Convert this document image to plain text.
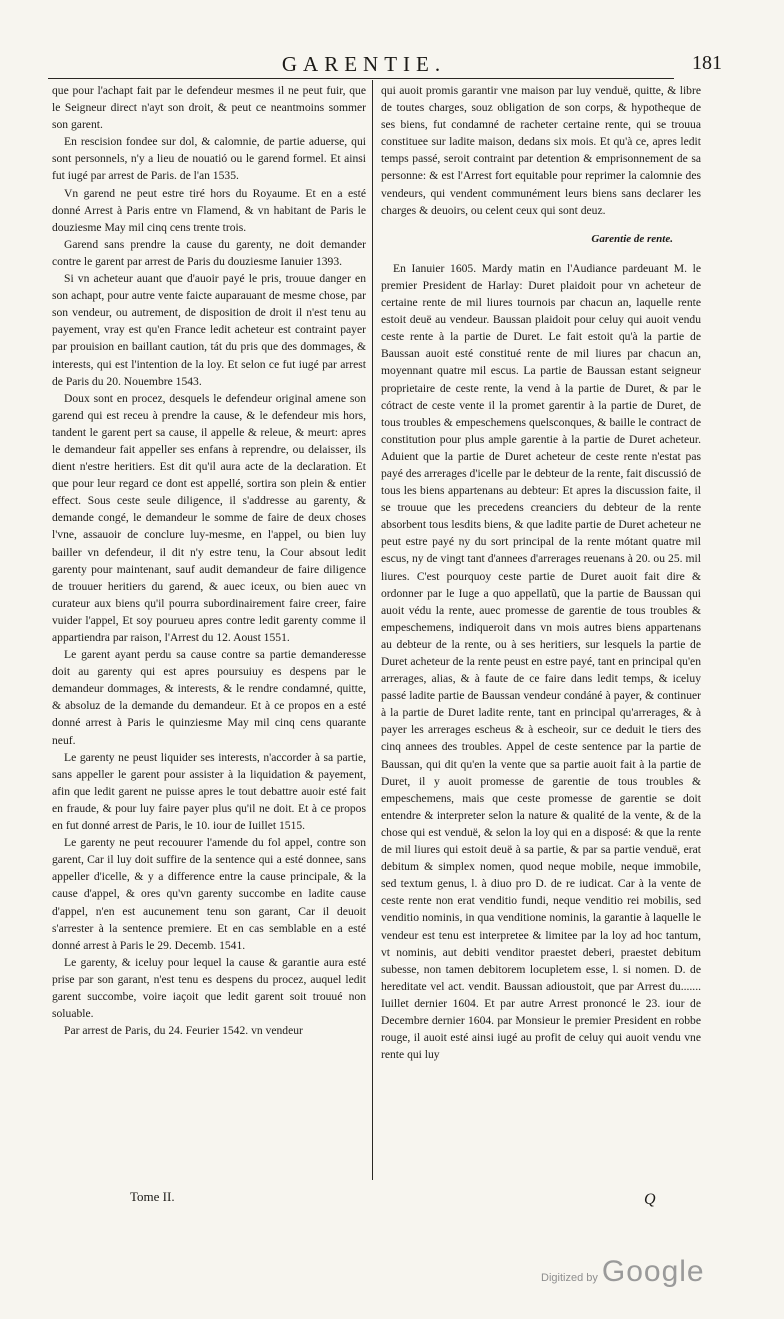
GARENTIE.	181

que pour l'achapt fait par le defendeur mesmes il ne peut fuir, que le Seigneur direct n'ayt son droit, & peut ce neantmoins sommer son garent.

En rescision fondee sur dol, & calomnie, de partie aduerse, qui sont personnels, n'y a lieu de nouatió ou le garend formel. Et ainsi fut iugé par arrest de Paris. de l'an 1535.

Vn garend ne peut estre tiré hors du Royaume. Et en a esté donné Arrest à Paris entre vn Flamend, & vn habitant de Paris le douziesme May mil cinq cens trente trois.

Garend sans prendre la cause du garenty, ne doit demander contre le garent par arrest de Paris du douziesme Ianuier 1393.

Si vn acheteur auant que d'auoir payé le pris, trouue danger en son achapt, pour autre vente faicte auparauant de mesme chose, par son vendeur, ou autrement, de disposition de droit il n'est tenu au payement, vray est qu'en France ledit acheteur est contraint payer par prouision en baillant caution, tát du pris que des dommages, & interests, qui est l'intention de la loy. Et selon ce fut iugé par arrest de Paris du 20. Nouembre 1543.

Doux sont en procez, desquels le defendeur original amene son garend qui est receu à prendre la cause, & le defendeur mis hors, tandent le garent pert sa cause, il appelle & releue, & meurt: apres le demandeur fait appeller ses enfans à reprendre, ou delaisser, ils dient n'estre heritiers. Est dit qu'il aura acte de la declaration. Et que pour leur regard ce dont est appellé, sortira son plein & entier effect. Sous ceste seule diligence, il s'addresse au garenty, & demande congé, le demandeur le somme de faire de deux choses l'vne, assauoir de conclure luy-mesme, en l'appel, ou bien luy bailler vn defendeur, il dit n'y estre tenu, la Cour absout ledit garenty pour maintenant, sauf audit demandeur de faire diligence de trouuer heritiers du garend, & auec iceux, ou bien auec vn curateur aux biens qu'il pourra subordinairement faire creer, faire vuider l'appel, Et soy pourueu apres contre ledit garenty comme il appartiendra par raison, l'Arrest du 12. Aoust 1551.

Le garent ayant perdu sa cause contre sa partie demanderesse doit au garenty qui est apres poursuiuy es despens par le demandeur dommages, & interests, & le rendre condamné, quitte, & absoluz de la demande du demandeur. Et à ce propos en a esté donné arrest à Paris le quinziesme May mil cinq cens quarante neuf.

Le garenty ne peust liquider ses interests, n'accorder à sa partie, sans appeller le garent pour assister à la liquidation & payement, afin que ledit garent ne puisse apres le tout debattre auoir esté fait en fraude, & pour luy faire payer plus qu'il ne doit. Et à ce propos en fut donné arrest de Paris, le 10. iour de Iuillet 1515.

Le garenty ne peut recouurer l'amende du fol appel, contre son garent, Car il luy doit suffire de la sentence qui a esté donnee, sans appeller d'icelle, & y a difference entre la cause principale, & la cause d'appel, & ores qu'vn garenty succombe en ladite cause d'appel, n'en est aucunement tenu son garant, Car il deuoit s'arrester à la sentence premiere. Et en cas semblable en a esté donné arrest à Paris le 29. Decemb. 1541.

Le garenty, & iceluy pour lequel la cause & garantie aura esté prise par son garant, n'est tenu es despens du procez, auquel ledit garent succombe, voire iaçoit que ledit garent soit trouué non soluable.

Par arrest de Paris, du 24. Feurier 1542. vn vendeur

qui auoit promis garantir vne maison par luy venduë, quitte, & libre de toutes charges, souz obligation de son corps, & hypotheque de ses biens, fut condamné de racheter certaine rente, qui se trouua constituee sur ladite maison, dedans six mois. Et qu'à ce, apres ledit temps passé, seroit contraint par detention & emprisonnement de sa personne: & est l'Arrest fort equitable pour reprimer la calomnie des vendeurs, qui vendent communément leurs biens sans declarer les charges & deuoirs, ou celent ceux qui sont deuz.

Garentie de rente.

En Ianuier 1605. Mardy matin en l'Audiance pardeuant M. le premier President de Harlay: Duret plaidoit pour vn acheteur de certaine rente de mil liures tournois par chacun an, laquelle rente estoit deuë au vendeur. Baussan plaidoit pour celuy qui auoit vendu ceste rente à la partie de Duret. Le fait estoit qu'à la partie de Baussan auoit esté constitué rente de mil liures par chacun an, moyennant quatre mil escus. La partie de Baussan estant seigneur proprietaire de ceste rente, la vend à la partie de Duret, & par le cótract de ceste vente il la promet garentir à la partie de Duret, de tous troubles & empeschemens quelsconques, & baille le contract de constitution pour plus ample garentie à la partie de Duret acheteur. Aduient que la partie de Duret acheteur de ceste rente n'estat pas payé des arrerages d'icelle par le debteur de la rente, fait discussió de tous les biens appartenans au debteur: Et apres la discussion faite, il se trouue que les precedens creanciers du debteur de la rente absorbent tous lesdits biens, & que ladite partie de Duret acheteur ne peut estre payé ny du sort principal de la rente mótant quatre mil escus, ny de vingt tant d'annees d'arrerages reuenans à 20. ou 25. mil liures. C'est pourquoy ceste partie de Duret auoit fait dire & ordonner par le Iuge a quo appellatũ, que la partie de Baussan qui auoit védu la rente, auec promesse de garentie de tous troubles & empeschemens, indiqueroit dans vn mois autres biens appartenans au debteur de la rente, ou à ses heritiers, sur lesquels la partie de Duret acheteur de la rente peust en estre payé, tant en principal qu'en arrerages, alias, & à faute de ce faire dans ledit temps, & iceluy passé ladite partie de Baussan vendeur condáné à payer, & continuer à la partie de Duret ladite rente, tant en principal qu'arrerages, & à payer les arrerages escheus & à escheoir, sur ce deduit le tiers des cinq annees des troubles. Appel de ceste sentence par la partie de Baussan, qui dit qu'en la vente que sa partie auoit fait à la partie de Duret, il y auoit promesse de garentie de tous troubles & empeschemens, mais que ceste promesse de garentie se doit entendre & interpreter selon la nature & qualité de la vente, & de la chose qui est venduë, & selon la loy qui en a disposé: & que la rente de mil liures qui estoit deuë à sa partie, & par sa partie venduë, erat debitum & simplex nomen, quod neque mobile, neque immobile, sed textum genus, l. à diuo pro D. de re iudicat. Car à la vente de ceste rente non erat venditio fundi, neque venditio rei mobilis, sed venditio nominis, in qua venditione nominis, la garantie à laquelle le vendeur est tenu est interpretee & limitee par la loy ad hoc tantum, vt nominis, aut debiti venditor praestet deberi, praestet debitum subesse, non tamen debitorem locupletem esse, l. si nomen. D. de hereditate vel act. vendit. Baussan adioustoit, que par Arrest du....... Iuillet dernier 1604. Et par autre Arrest prononcé le 23. iour de Decembre dernier 1604. par Monsieur le premier President en robbe rouge, il auoit esté ainsi iugé au profit de celuy qui auoit vendu vne rente qui luy

Tome II.	Q
Digitized by Google
